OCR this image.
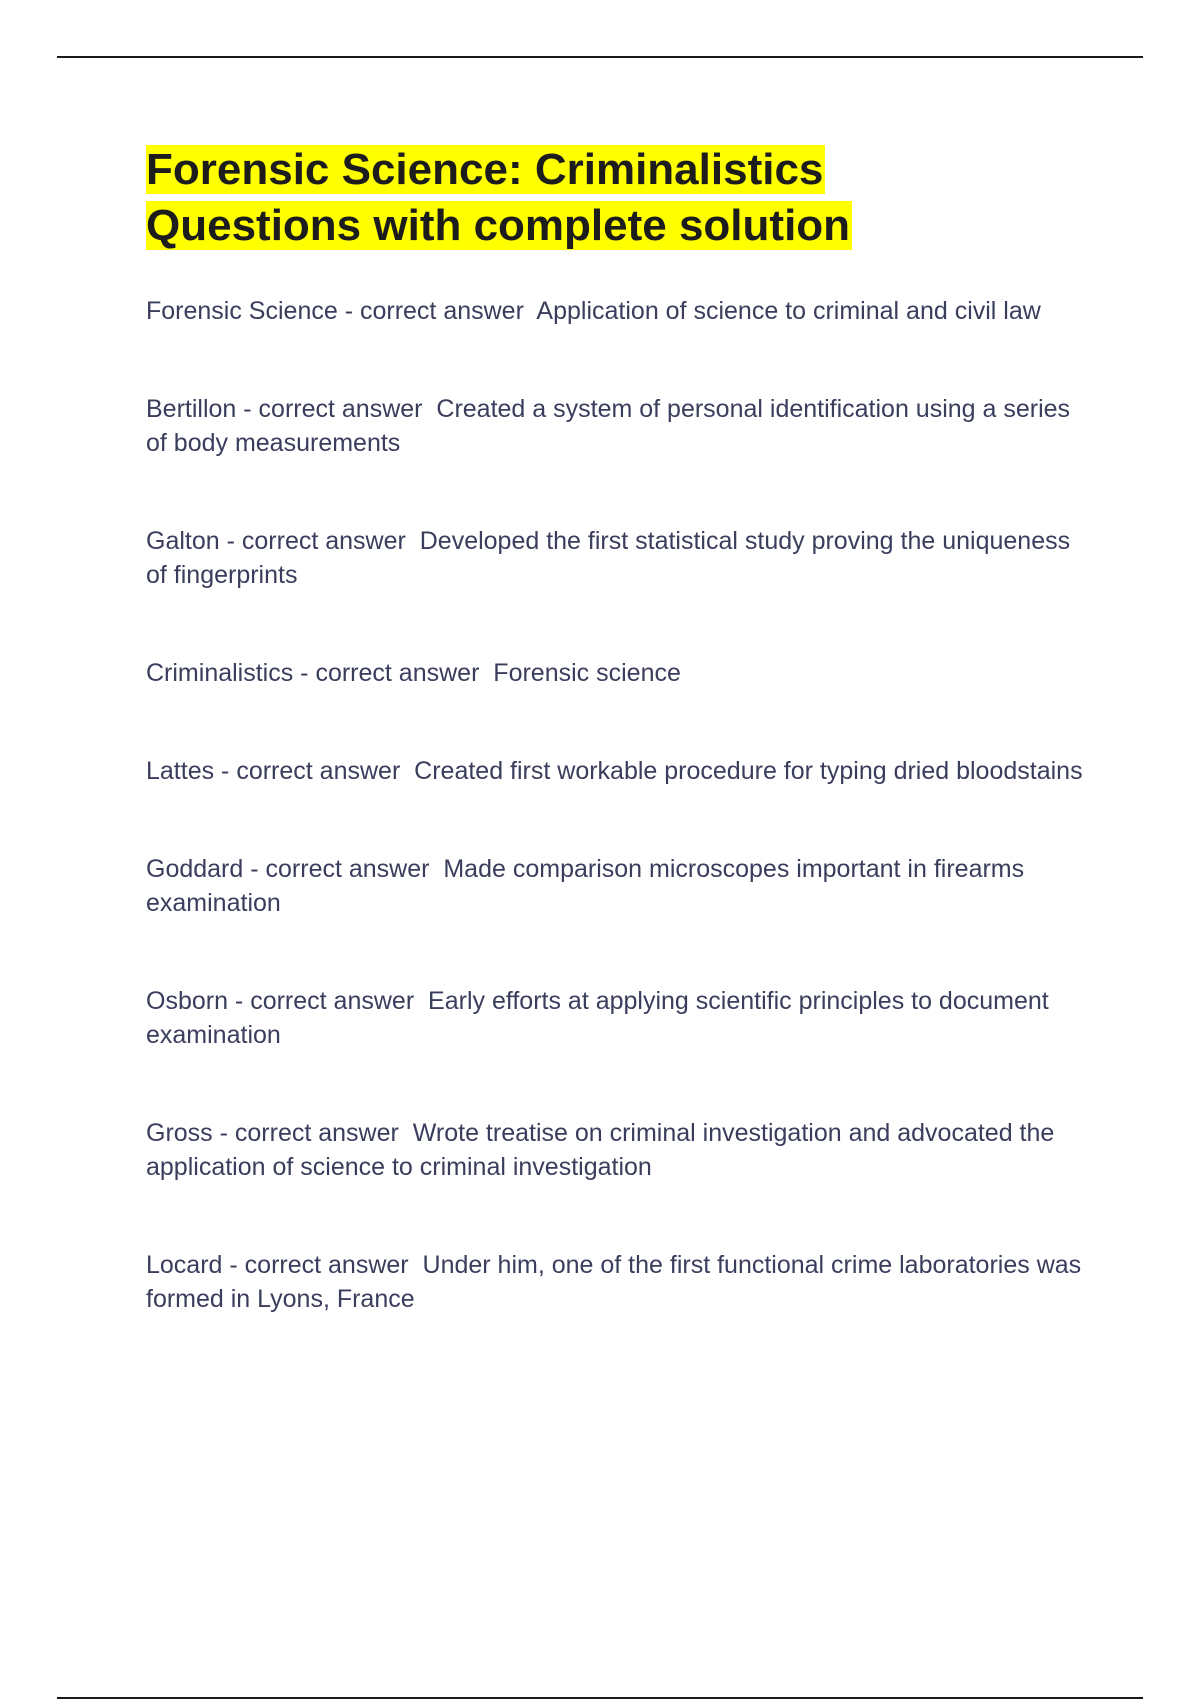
Forensic Science: Criminalistics
Questions with complete solution
Forensic Science - correct answer  Application of science to criminal and civil law
Bertillon - correct answer  Created a system of personal identification using a series of body measurements
Galton - correct answer  Developed the first statistical study proving the uniqueness of fingerprints
Criminalistics - correct answer  Forensic science
Lattes - correct answer  Created first workable procedure for typing dried bloodstains
Goddard - correct answer  Made comparison microscopes important in firearms examination
Osborn - correct answer  Early efforts at applying scientific principles to document examination
Gross - correct answer  Wrote treatise on criminal investigation and advocated the application of science to criminal investigation
Locard - correct answer  Under him, one of the first functional crime laboratories was formed in Lyons, France
